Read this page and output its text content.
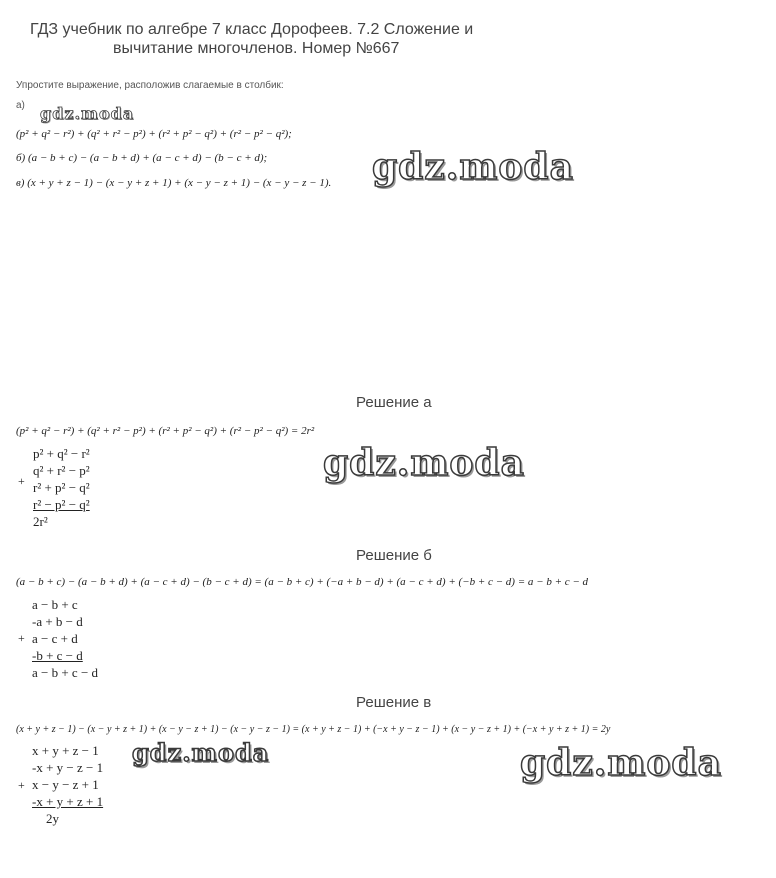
ГДЗ учебник по алгебре 7 класс Дорофеев. 7.2 Сложение и
вычитание многочленов. Номер №667
Упростите выражение, расположив слагаемые в столбик:
а) gdz.moda
(p² + q² − r²) + (q² + r² − p²) + (r² + p² − q²) + (r² − p² − q²);
б) (a − b + c) − (a − b + d) + (a − c + d) − (b − c + d);
в) (x + y + z − 1) − (x − y + z + 1) + (x − y − z + 1) − (x − y − z − 1). gdz.moda
Решение а
(p² + q² − r²) + (q² + r² − p²) + (r² + p² − q²) + (r² − p² − q²) = 2r²
+
p² + q² − r²
q² + r² − p²
r² + p² − q²
r² − p² − q²
2r²
gdz.moda
Решение б
(a − b + c) − (a − b + d) + (a − c + d) − (b − c + d) = (a − b + c) + (−a + b − d) + (a − c + d) + (−b + c − d) = a − b + c − d
+
a − b + c
-a + b − d
a − c + d
-b + c − d
a − b + c − d
Решение в
(x + y + z − 1) − (x − y + z + 1) + (x − y − z + 1) − (x − y − z − 1) = (x + y + z − 1) + (−x + y − z − 1) + (x − y − z + 1) + (−x + y + z + 1) = 2y
+
x + y + z − 1
-x + y − z − 1
x − y − z + 1
-x + y + z + 1
2y
gdz.moda	gdz.moda
